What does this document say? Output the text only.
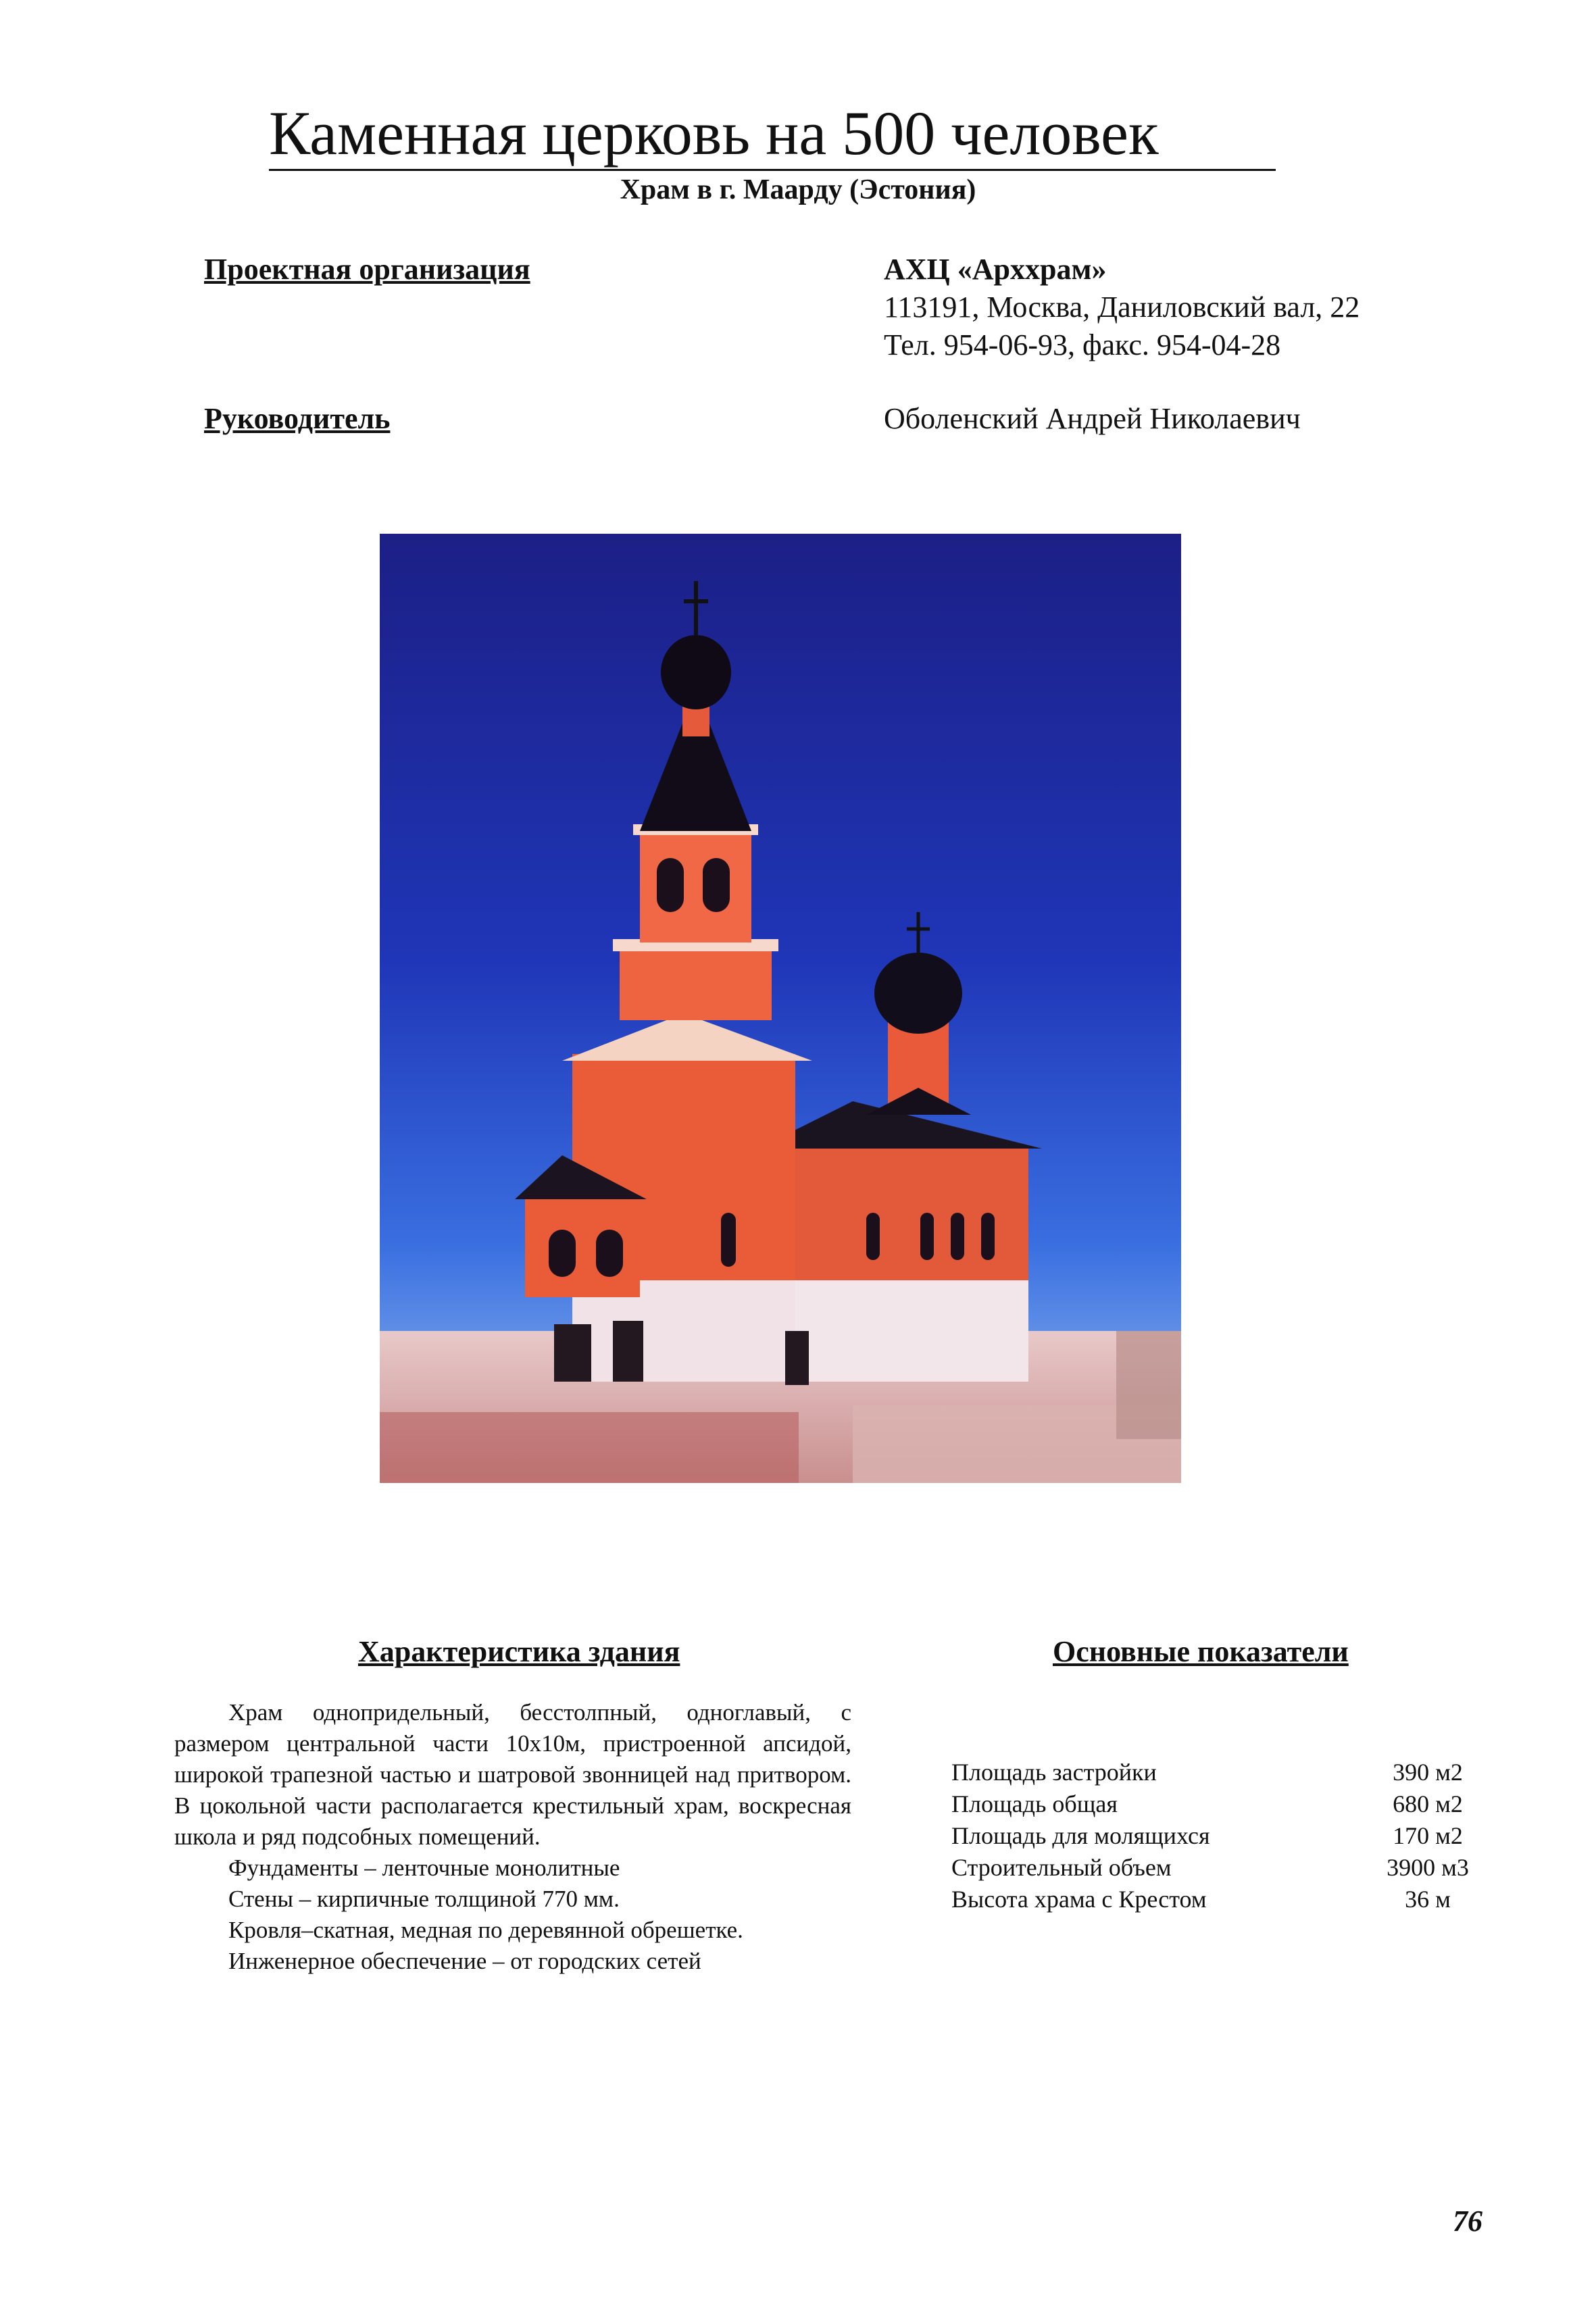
Каменная церковь на 500 человек
Храм в г. Маарду (Эстония)
Проектная организация	АХЦ «Арххрам»
113191, Москва, Даниловский вал, 22
Тел. 954-06-93, факс. 954-04-28
Руководитель	Оболенский Андрей Николаевич
Характеристика здания	Основные показатели

Храм однопридельный, бесстолпный, одноглавый, с размером центральной части 10х10м, пристроенной апсидой, широкой трапезной частью и шатровой звонницей над притвором. В цокольной части располагается крестильный храм, воскресная школа и ряд подсобных помещений.

Фундаменты – ленточные монолитные

Стены – кирпичные толщиной 770 мм.

Кровля–скатная, медная по деревянной обрешетке.

Инженерное обеспечение – от городских сетей

Площадь застройки	390 м2
Площадь общая	680 м2
Площадь для молящихся	170 м2
Строительный объем	3900 м3
Высота храма с Крестом	36 м
76
